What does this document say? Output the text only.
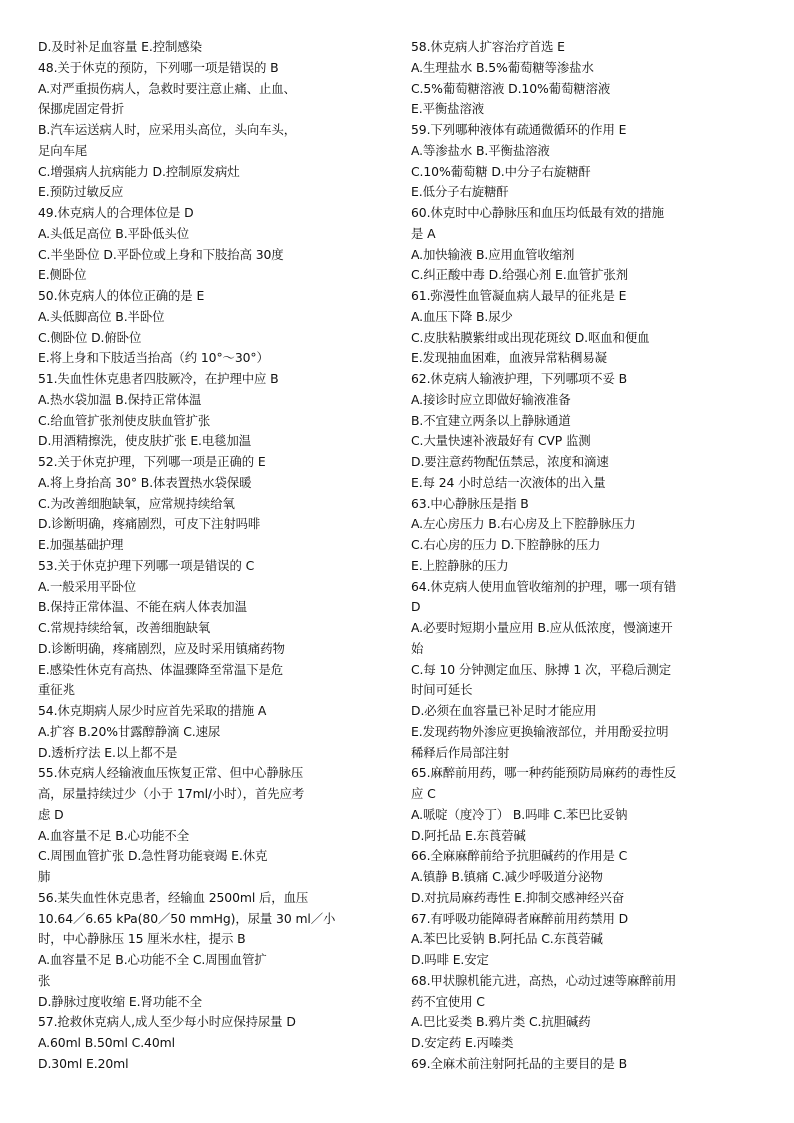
D.及时补足血容量 E.控制感染
48.关于休克的预防，下列哪一项是错误的 B
A.对严重损伤病人，急救时要注意止痛、止血、
保挪虎固定骨折
B.汽车运送病人时，应采用头高位，头向车头，
足向车尾
C.增强病人抗病能力 D.控制原发病灶
E.预防过敏反应
49.休克病人的合理体位是 D
A.头低足高位 B.平卧低头位
C.半坐卧位 D.平卧位或上身和下肢抬高 30度
E.侧卧位
50.休克病人的体位正确的是 E
A.头低脚高位 B.半卧位
C.侧卧位 D.俯卧位
E.将上身和下肢适当抬高（约 10°～30°）
51.失血性休克患者四肢厥冷，在护理中应 B
A.热水袋加温 B.保持正常体温
C.给血管扩张剂使皮肤血管扩张
D.用酒精擦洗，使皮肤扩张 E.电毯加温
52.关于休克护理，下列哪一项是正确的 E
A.将上身抬高 30° B.体表置热水袋保暖
C.为改善细胞缺氧，应常规持续给氧
D.诊断明确，疼痛剧烈，可皮下注射吗啡
E.加强基础护理
53.关于休克护理下列哪一项是错误的 C
A.一般采用平卧位
B.保持正常体温、不能在病人体表加温
C.常规持续给氧，改善细胞缺氧
D.诊断明确，疼痛剧烈，应及时采用镇痛药物
E.感染性休克有高热、体温骤降至常温下是危
重征兆
54.休克期病人尿少时应首先采取的措施 A
A.扩容 B.20%甘露醇静滴 C.速尿
D.透析疗法 E.以上都不是
55.休克病人经输液血压恢复正常、但中心静脉压
高，尿量持续过少（小于 17ml/小时），首先应考
虑 D
A.血容量不足 B.心功能不全
C.周围血管扩张 D.急性肾功能衰竭 E.休克
肺
56.某失血性休克患者，经输血 2500ml 后，血压
10.64／6.65 kPa(80／50 mmHg)，尿量 30 ml／小
时，中心静脉压 15 厘米水柱，提示 B
A.血容量不足 B.心功能不全 C.周围血管扩
张
D.静脉过度收缩 E.肾功能不全
57.抢救休克病人,成人至少每小时应保持尿量 D
A.60ml B.50ml C.40ml
D.30ml E.20ml
58.休克病人扩容治疗首选 E
A.生理盐水 B.5%葡萄糖等渗盐水
C.5%葡萄糖溶液 D.10%葡萄糖溶液
E.平衡盐溶液
59.下列哪种液体有疏通微循环的作用 E
A.等渗盐水 B.平衡盐溶液
C.10%葡萄糖 D.中分子右旋糖酐
E.低分子右旋糖酐
60.休克时中心静脉压和血压均低最有效的措施
是 A
A.加快输液 B.应用血管收缩剂
C.纠正酸中毒 D.给强心剂 E.血管扩张剂
61.弥漫性血管凝血病人最早的征兆是 E
A.血压下降 B.尿少
C.皮肤粘膜紫绀或出现花斑纹 D.呕血和便血
E.发现抽血困难，血液异常粘稠易凝
62.休克病人输液护理，下列哪项不妥 B
A.接诊时应立即做好输液准备
B.不宜建立两条以上静脉通道
C.大量快速补液最好有 CVP 监测
D.要注意药物配伍禁忌，浓度和滴速
E.每 24 小时总结一次液体的出入量
63.中心静脉压是指 B
A.左心房压力 B.右心房及上下腔静脉压力
C.右心房的压力 D.下腔静脉的压力
E.上腔静脉的压力
64.休克病人使用血管收缩剂的护理，哪一项有错
D
A.必要时短期小量应用 B.应从低浓度，慢滴速开
始
C.每 10 分钟测定血压、脉搏 1 次，平稳后测定
时间可延长
D.必须在血容量已补足时才能应用
E.发现药物外渗应更换输液部位，并用酚妥拉明
稀释后作局部注射
65.麻醉前用药，哪一种药能预防局麻药的毒性反
应 C
A.哌啶（度冷丁） B.吗啡 C.苯巴比妥钠
D.阿托品 E.东莨菪碱
66.全麻麻醉前给予抗胆碱药的作用是 C
A.镇静 B.镇痛 C.减少呼吸道分泌物
D.对抗局麻药毒性 E.抑制交感神经兴奋
67.有呼吸功能障碍者麻醉前用药禁用 D
A.苯巴比妥钠 B.阿托品 C.东莨菪碱
D.吗啡 E.安定
68.甲状腺机能亢进，高热，心动过速等麻醉前用
药不宜使用 C
A.巴比妥类 B.鸦片类 C.抗胆碱药
D.安定药 E.丙嗪类
69.全麻术前注射阿托品的主要目的是 B
